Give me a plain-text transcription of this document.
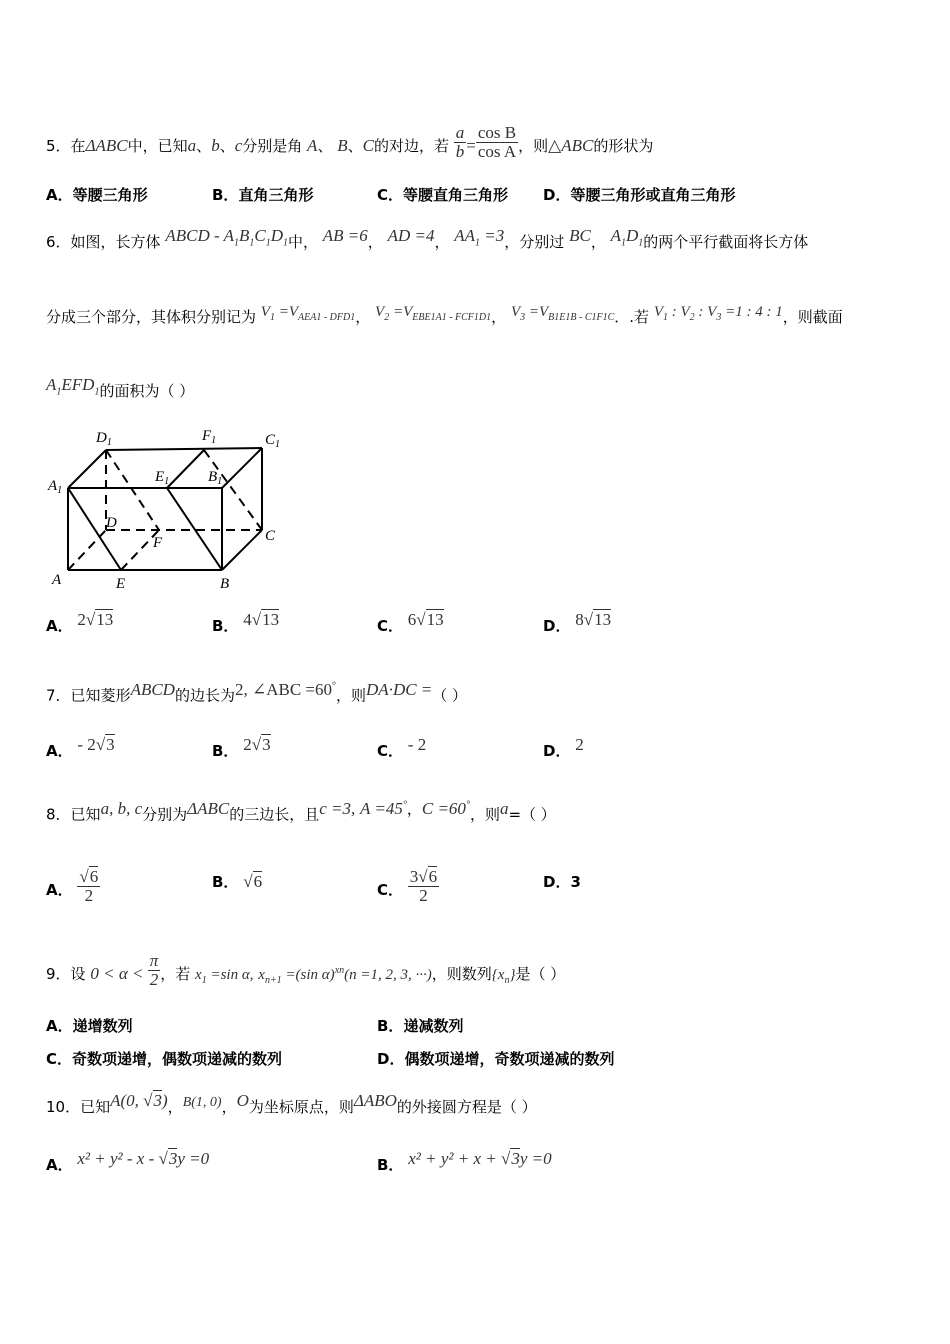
5．在ΔABC中，已知a、b、c分别是角 A、 B、C的对边，若 $\frac{a}{b} = \frac{\text{cos B}}{\text{cos A}}$ ，则△ABC的形状为
A．等腰三角形	B．直角三角形	C．等腰直角三角形 D．等腰三角形或直角三角形
6．如图，长方体 ABCD - $A_1B_1C_1D_1$中， AB =6， AD =4， $AA_1 =3$，分别过 BC， $A_1D_1$的两个平行截面将长方体
分成三个部分，其体积分别记为 $V_1 =V_{AEA1 - DFD1}$， $V_2 =V_{EBE1A1 - FCF1D1}$， $V_3 =V_{B1E1B - C1F1C}$．.若 $V_1$ : $V_2$ : $V_3 =1$ : 4 : 1，则截面
$A_1EFD_1$的面积为（ ）
$D_1$	$F_1$	$C_1$
$A_1$
$E_1$	$B_1$
D
F	C
A	E	B
A． 2√13	B． 4√13	C． 6√13	D． 8√13
7．已知菱形ABCD的边长为2, ∠ABC =60°，则DA·DC =（ ）
A． - 2√3	B． 2√3	C． - 2	D． 2
8．已知a, b, c分别为ΔABC的三边长，且c =3, A =45°，C =60°，则a=（ ）
A． $\frac{√6}{2}$	B． √6	C． $\frac{3√6}{2}$	D．3
9．设 $0 < \alpha < \frac{\pi}{2}$ ，若 $x_1 =\sin$ α, $x_{n+1} =(\sin$ α)$^{xn}$(n =1, 2, 3, ···)，则数列$\{x_n\}$是（ ）
A．递增数列	B．递减数列
C．奇数项递增，偶数项递减的数列	D．偶数项递增，奇数项递减的数列
10．已知A(0, √3)，B(1, 0)，O为坐标原点，则ΔABO的外接圆方程是（ ）
A． x² + y² - x - √3y =0	B． x² + y² + x + √3y =0
